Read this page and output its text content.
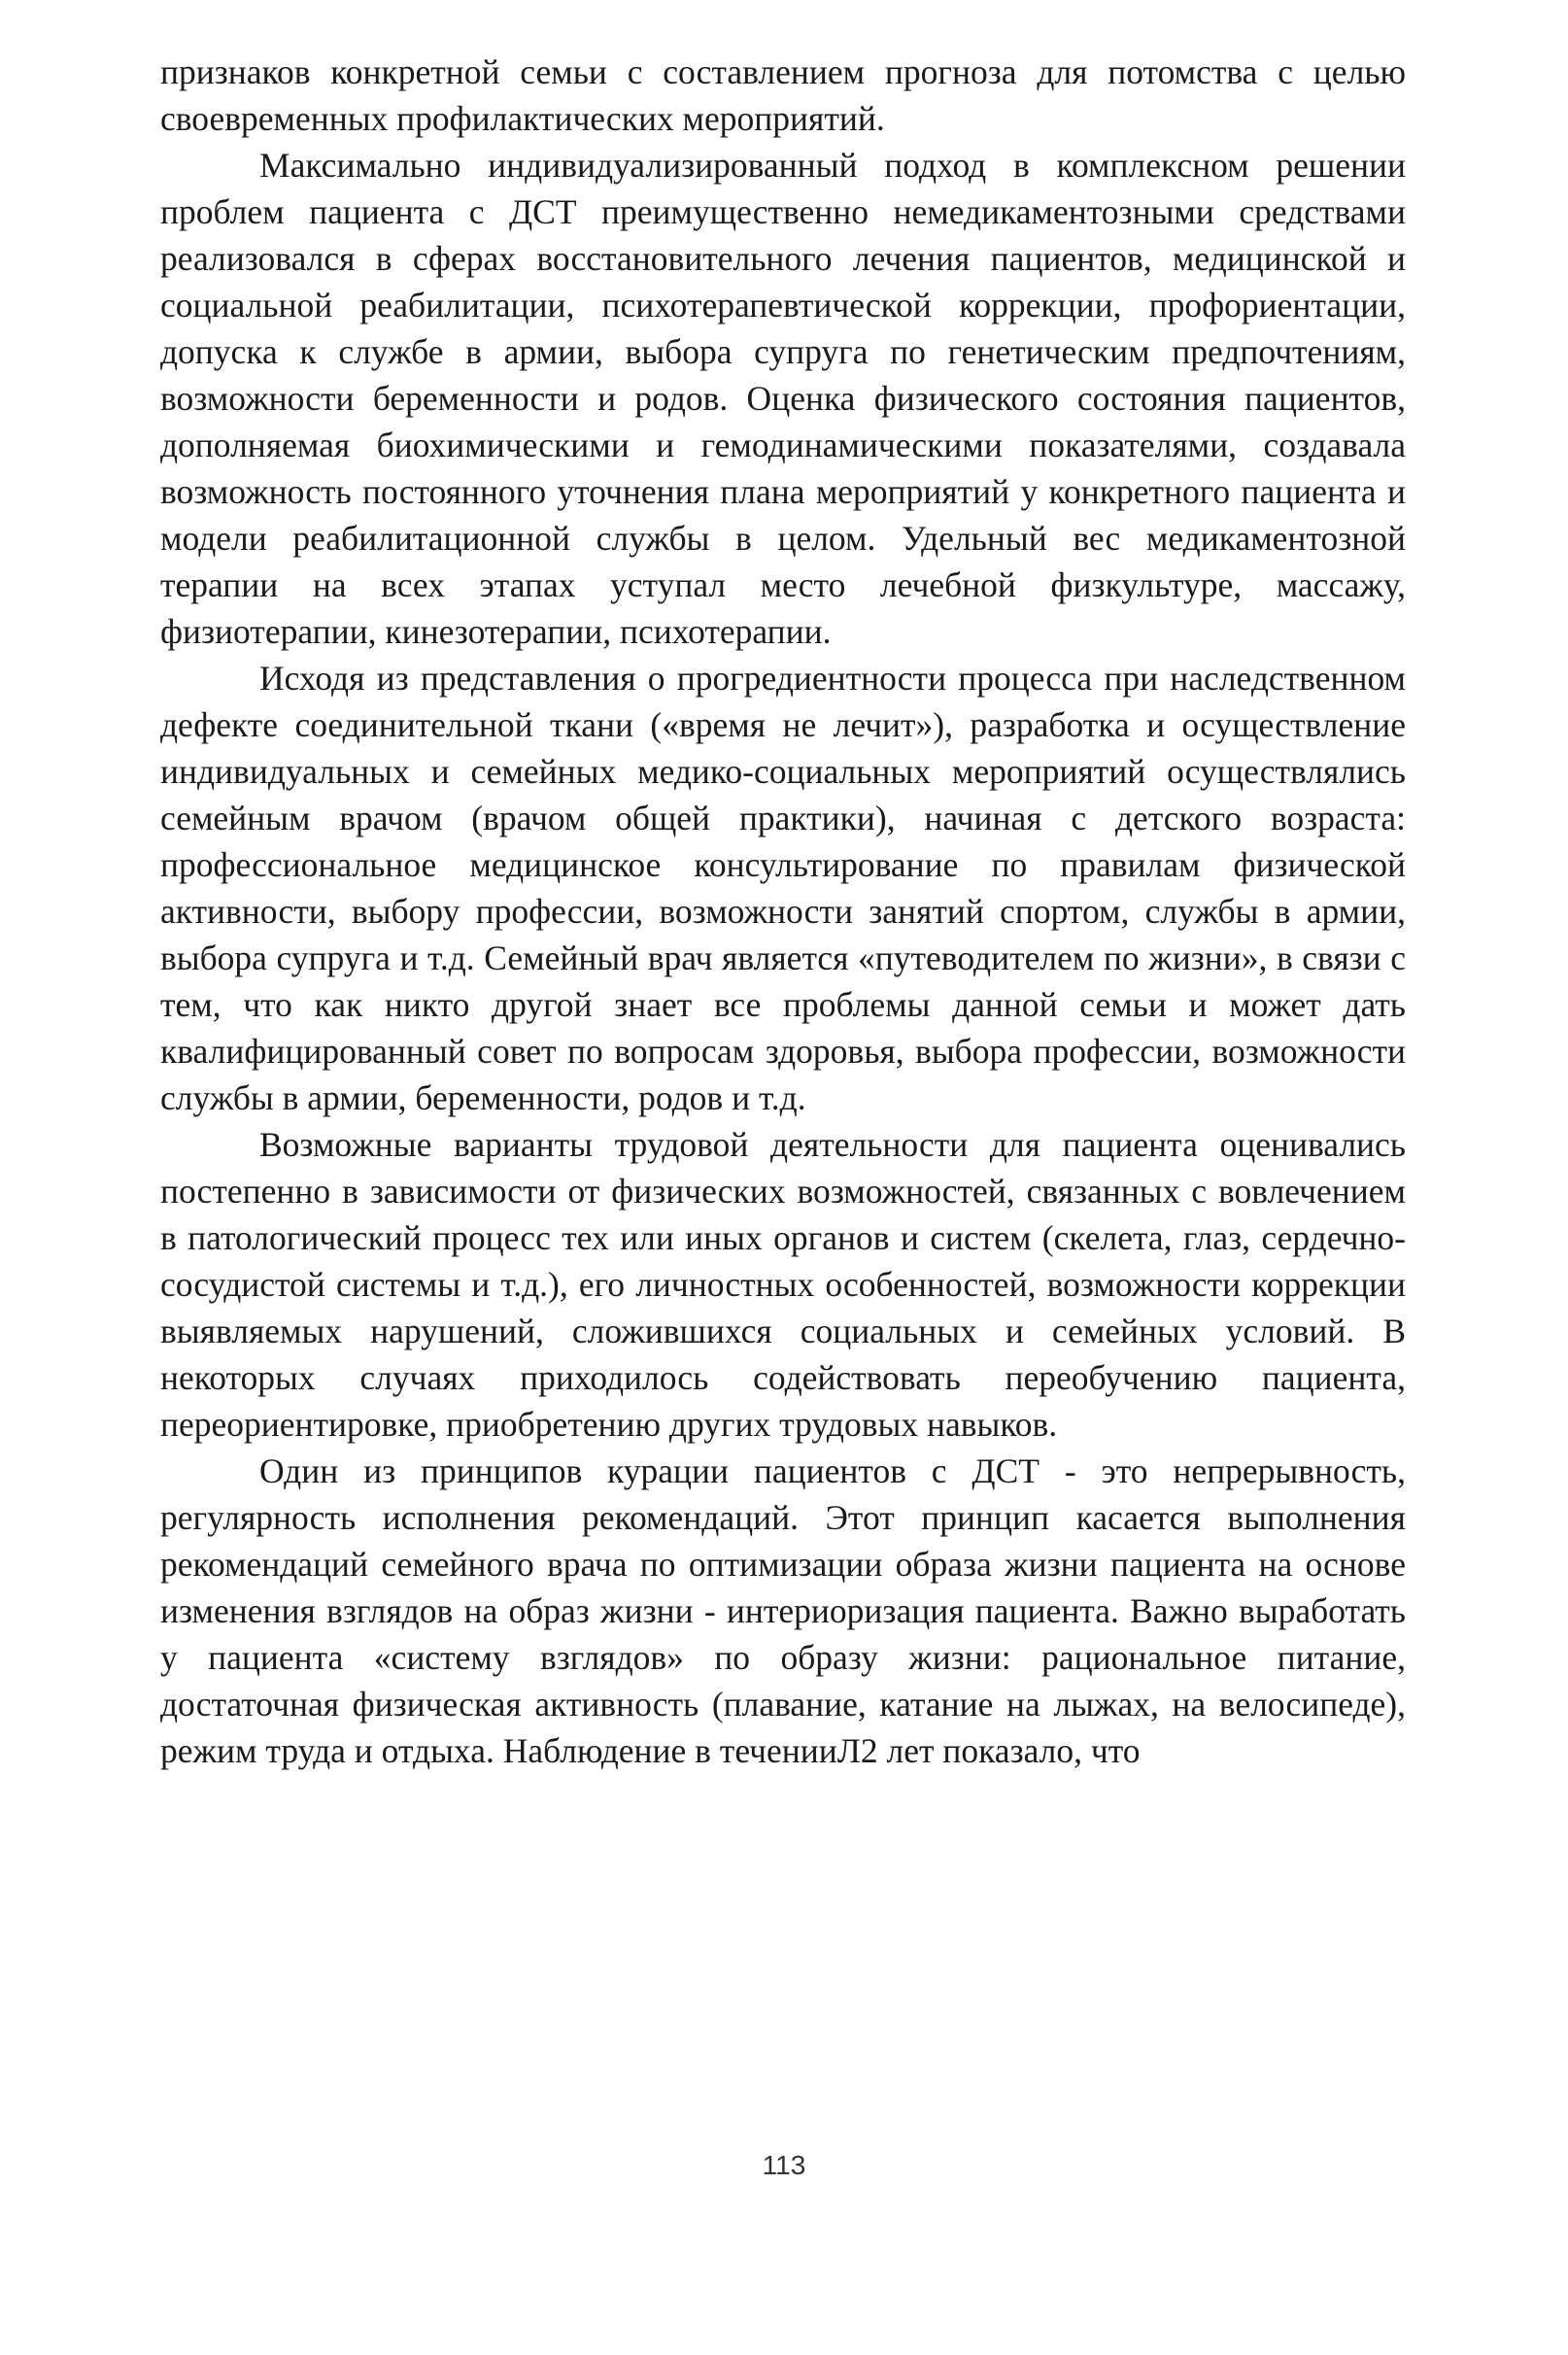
признаков конкретной семьи с составлением прогноза для потомства с целью своевременных профилактических мероприятий.

Максимально индивидуализированный подход в комплексном решении проблем пациента с ДСТ преимущественно немедикаментозными средствами реализовался в сферах восстановительного лечения пациентов, медицинской и социальной реабилитации, психотерапевтической коррекции, профориентации, допуска к службе в армии, выбора супруга по генетическим предпочтениям, возможности беременности и родов. Оценка физического состояния пациентов, дополняемая биохимическими и гемодинамическими показателями, создавала возможность постоянного уточнения плана мероприятий у конкретного пациента и модели реабилитационной службы в целом. Удельный вес медикаментозной терапии на всех этапах уступал место лечебной физкультуре, массажу, физиотерапии, кинезотерапии, психотерапии.

Исходя из представления о прогредиентности процесса при наследственном дефекте соединительной ткани («время не лечит»), разработка и осуществление индивидуальных и семейных медико-социальных мероприятий осуществлялись семейным врачом (врачом общей практики), начиная с детского возраста: профессиональное медицинское консультирование по правилам физической активности, выбору профессии, возможности занятий спортом, службы в армии, выбора супруга и т.д. Семейный врач является «путеводителем по жизни», в связи с тем, что как никто другой знает все проблемы данной семьи и может дать квалифицированный совет по вопросам здоровья, выбора профессии, возможности службы в армии, беременности, родов и т.д.

Возможные варианты трудовой деятельности для пациента оценивались постепенно в зависимости от физических возможностей, связанных с вовлечением в патологический процесс тех или иных органов и систем (скелета, глаз, сердечно-сосудистой системы и т.д.), его личностных особенностей, возможности коррекции выявляемых нарушений, сложившихся социальных и семейных условий. В некоторых случаях приходилось содействовать переобучению пациента, переориентировке, приобретению других трудовых навыков.

Один из принципов курации пациентов с ДСТ - это непрерывность, регулярность исполнения рекомендаций. Этот принцип касается выполнения рекомендаций семейного врача по оптимизации образа жизни пациента на основе изменения взглядов на образ жизни - интериоризация пациента. Важно выработать у пациента «систему взглядов» по образу жизни: рациональное питание, достаточная физическая активность (плавание, катание на лыжах, на велосипеде), режим труда и отдыха. Наблюдение в теченииЛ2 лет показало, что

113
